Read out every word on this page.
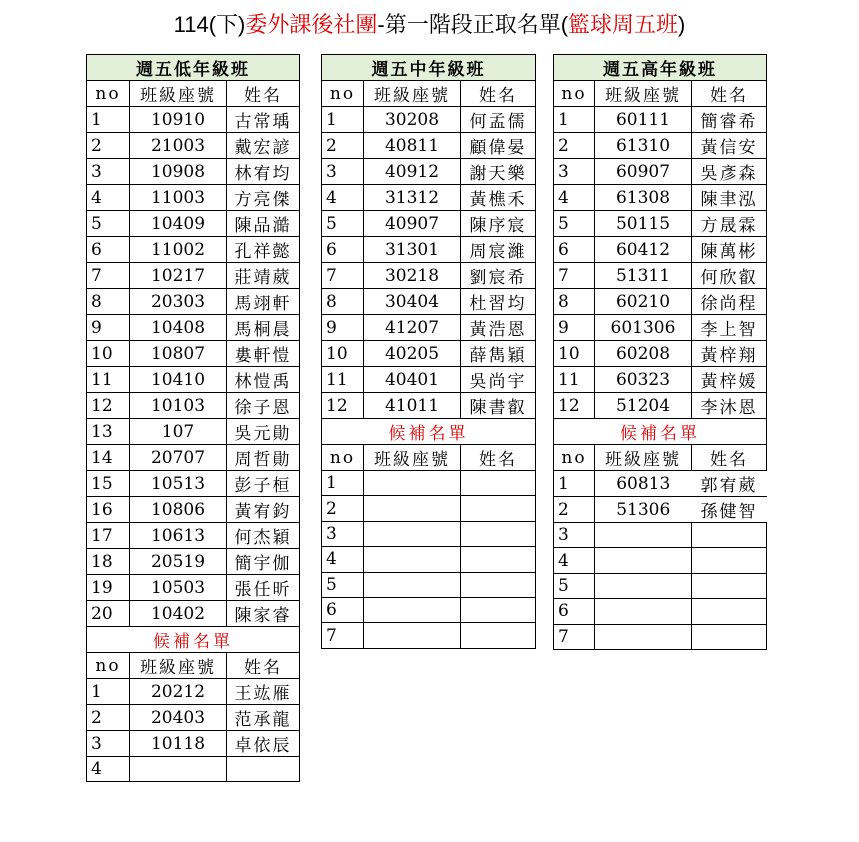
114(下)委外課後社團-第一階段正取名單(籃球周五班)
週五低年級班		
no	班級座號	姓名
1	10910	古常瑀
2	21003	戴宏諺
3	10908	林宥均
4	11003	方亮傑
5	10409	陳品澔
6	11002	孔祥懿
7	10217	莊靖葳
8	20303	馬翊軒
9	10408	馬桐晨
10	10807	婁軒愷
11	10410	林愷禹
12	10103	徐子恩
13	107	吳元勛
14	20707	周哲勛
15	10513	彭子桓
16	10806	黃宥鈞
17	10613	何杰穎
18	20519	簡宇伽
19	10503	張任昕
20	10402	陳家睿
候補名單		
no	班級座號	姓名
1	20212	王竑雁
2	20403	范承龍
3	10118	卓依辰
4		
週五中年級班		
no	班級座號	姓名
1	30208	何孟儒
2	40811	顧偉晏
3	40912	謝天樂
4	31312	黃樵禾
5	40907	陳序宸
6	31301	周宸濰
7	30218	劉宸希
8	30404	杜習均
9	41207	黃浩恩
10	40205	薛雋穎
11	40401	吳尚宇
12	41011	陳書叡
候補名單		
no	班級座號	姓名
1		
2		
3		
4		
5		
6		
7		
週五高年級班		
no	班級座號	姓名
1	60111	簡睿希
2	61310	黃信安
3	60907	吳彥森
4	61308	陳聿泓
5	50115	方晟霖
6	60412	陳萬彬
7	51311	何欣叡
8	60210	徐尚程
9	601306	李上智
10	60208	黃梓翔
11	60323	黃梓媛
12	51204	李沐恩
候補名單		
no	班級座號	姓名
1	60813	郭宥葳
2	51306	孫健智
3		
4		
5		
6		
7		
